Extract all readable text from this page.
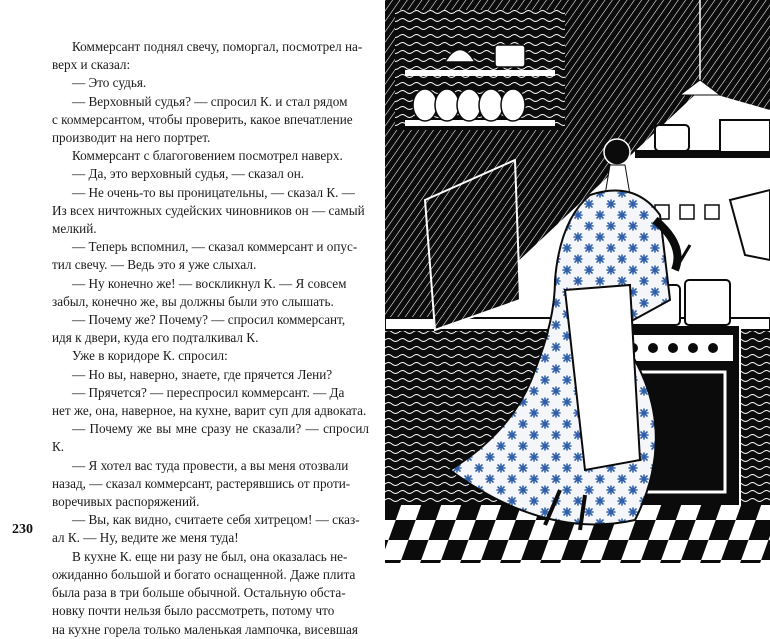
Коммерсант поднял свечу, поморгал, посмотрел на-

верх и сказал:

— Это судья.

— Верховный судья? — спросил К. и стал рядом

с коммерсантом, чтобы проверить, какое впечатление

производит на него портрет.

Коммерсант с благоговением посмотрел наверх.

— Да, это верховный судья, — сказал он.

— Не очень-то вы проницательны, — сказал К. —

Из всех ничтожных судейских чиновников он — самый

мелкий.

— Теперь вспомнил, — сказал коммерсант и опус-

тил свечу. — Ведь это я уже слыхал.

— Ну конечно же! — воскликнул К. — Я совсем

забыл, конечно же, вы должны были это слышать.

— Почему же? Почему? — спросил коммерсант,

идя к двери, куда его подталкивал К.

Уже в коридоре К. спросил:

— Но вы, наверно, знаете, где прячется Лени?

— Прячется? — переспросил коммерсант. — Да

нет же, она, наверное, на кухне, варит суп для адвоката.

— Почему же вы мне сразу не сказали? — спросил К.

— Я хотел вас туда провести, а вы меня отозвали

назад, — сказал коммерсант, растерявшись от проти-

воречивых распоряжений.

— Вы, как видно, считаете себя хитрецом! — сказ-

ал К. — Ну, ведите же меня туда!

В кухне К. еще ни разу не был, она оказалась не-

ожиданно большой и богато оснащенной. Даже плита

была раза в три больше обычной. Остальную обста-

новку почти нельзя было рассмотреть, потому что

на кухне горела только маленькая лампочка, висевшая

230
